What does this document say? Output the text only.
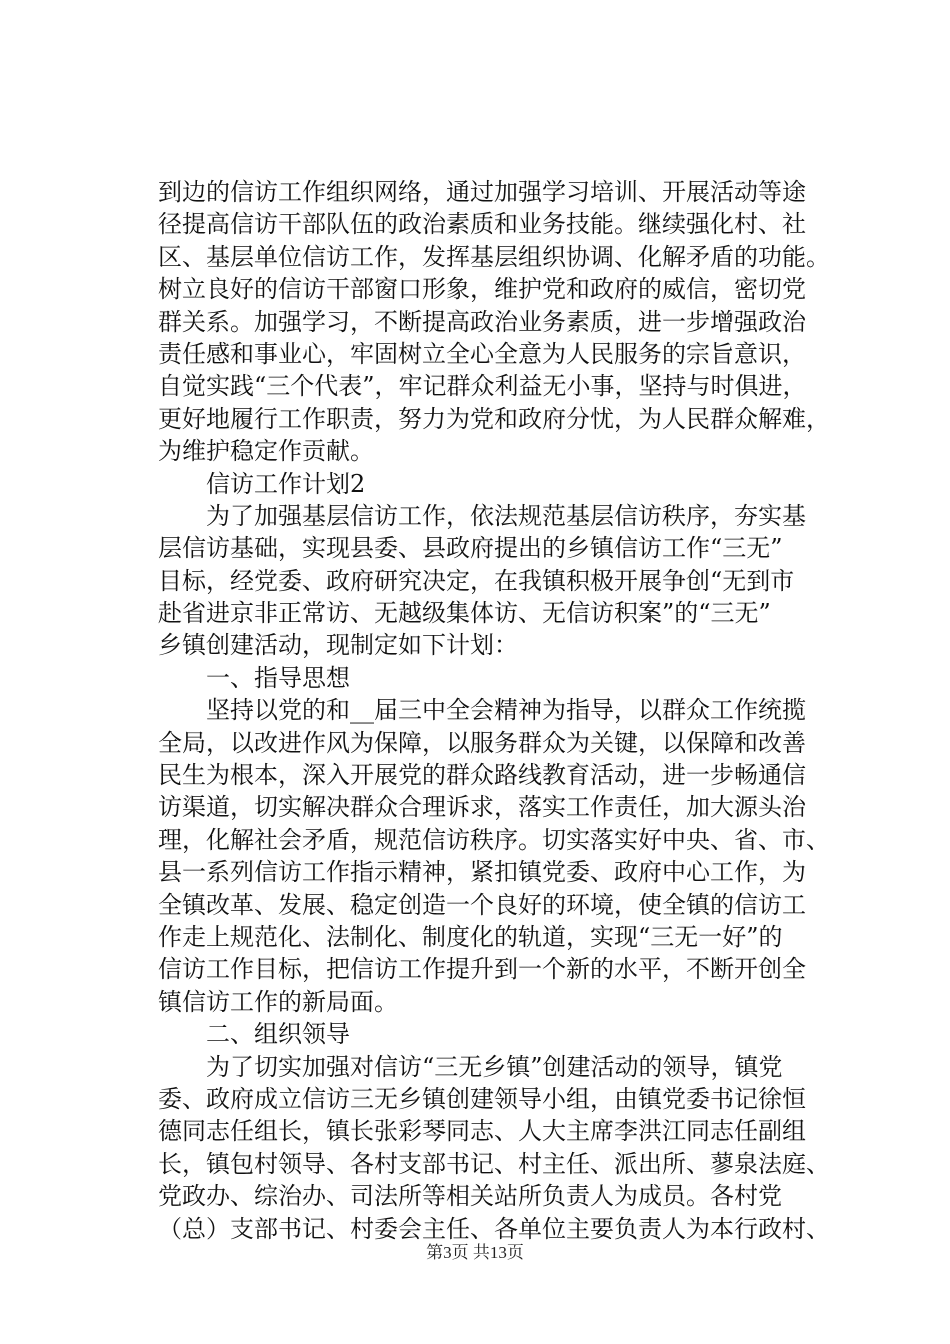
到边的信访工作组织网络，通过加强学习培训、开展活动等途
径提高信访干部队伍的政治素质和业务技能。继续强化村、社
区、基层单位信访工作，发挥基层组织协调、化解矛盾的功能。
树立良好的信访干部窗口形象，维护党和政府的威信，密切党
群关系。加强学习，不断提高政治业务素质，进一步增强政治
责任感和事业心，牢固树立全心全意为人民服务的宗旨意识，
自觉实践“三个代表”，牢记群众利益无小事，坚持与时俱进，
更好地履行工作职责，努力为党和政府分忧，为人民群众解难，
为维护稳定作贡献。
　　信访工作计划2
　　为了加强基层信访工作，依法规范基层信访秩序，夯实基
层信访基础，实现县委、县政府提出的乡镇信访工作“三无”
目标，经党委、政府研究决定，在我镇积极开展争创“无到市
赴省进京非正常访、无越级集体访、无信访积案”的“三无”
乡镇创建活动，现制定如下计划：
　　一、指导思想
　　坚持以党的和__届三中全会精神为指导，以群众工作统揽
全局，以改进作风为保障，以服务群众为关键，以保障和改善
民生为根本，深入开展党的群众路线教育活动，进一步畅通信
访渠道，切实解决群众合理诉求，落实工作责任，加大源头治
理，化解社会矛盾，规范信访秩序。切实落实好中央、省、市、
县一系列信访工作指示精神，紧扣镇党委、政府中心工作，为
全镇改革、发展、稳定创造一个良好的环境，使全镇的信访工
作走上规范化、法制化、制度化的轨道，实现“三无一好”的
信访工作目标，把信访工作提升到一个新的水平，不断开创全
镇信访工作的新局面。
　　二、组织领导
　　为了切实加强对信访“三无乡镇”创建活动的领导，镇党
委、政府成立信访三无乡镇创建领导小组，由镇党委书记徐恒
德同志任组长，镇长张彩琴同志、人大主席李洪江同志任副组
长，镇包村领导、各村支部书记、村主任、派出所、蓼泉法庭、
党政办、综治办、司法所等相关站所负责人为成员。各村党
（总）支部书记、村委会主任、各单位主要负责人为本行政村、
第3页 共13页
